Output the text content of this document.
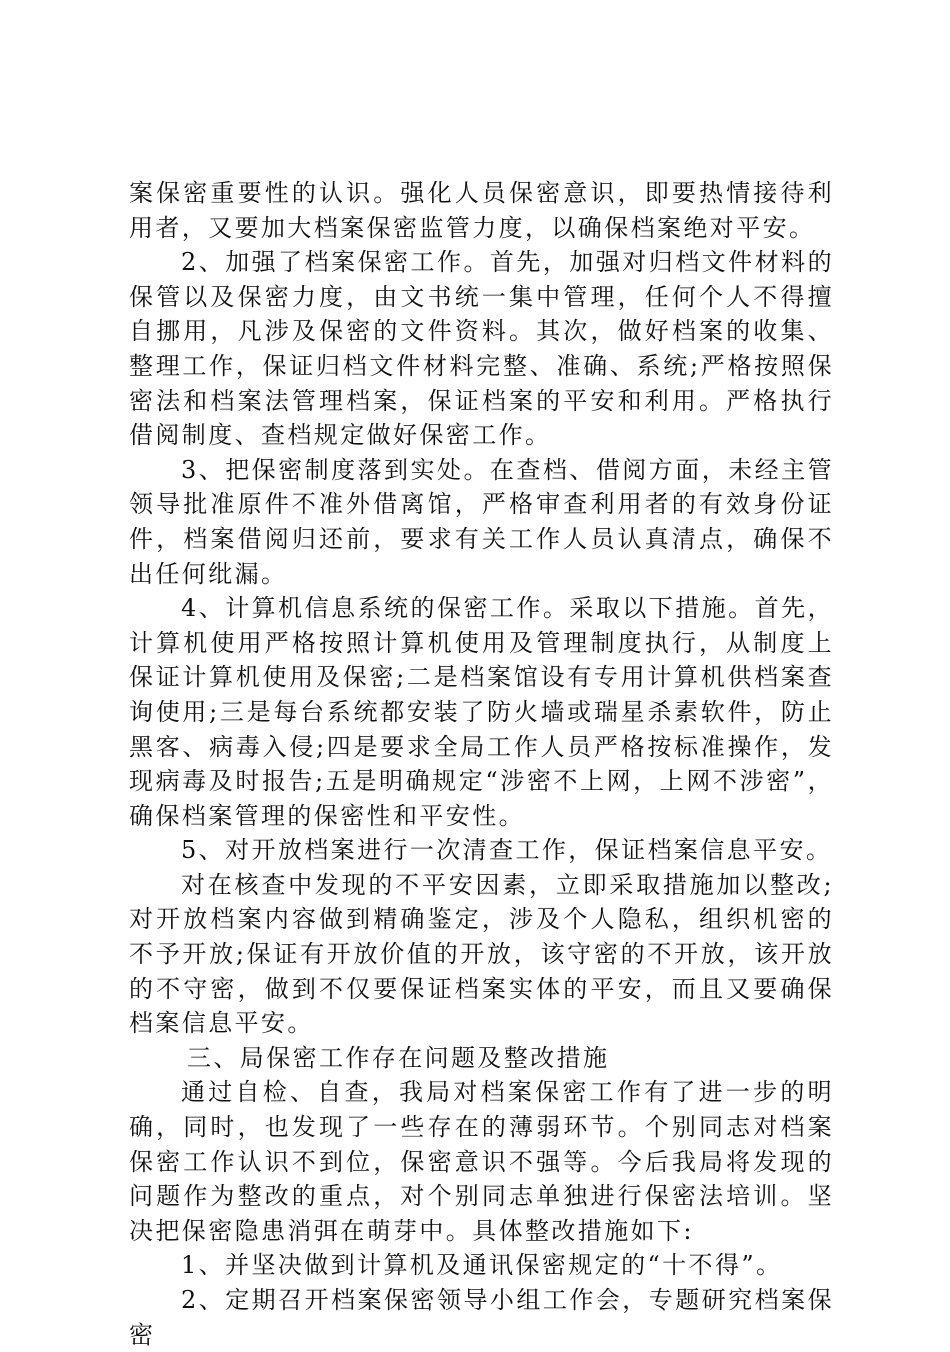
案保密重要性的认识。强化人员保密意识，即要热情接待利用者，又要加大档案保密监管力度，以确保档案绝对平安。

2、加强了档案保密工作。首先，加强对归档文件材料的保管以及保密力度，由文书统一集中管理，任何个人不得擅自挪用，凡涉及保密的文件资料。其次，做好档案的收集、整理工作，保证归档文件材料完整、准确、系统;严格按照保密法和档案法管理档案，保证档案的平安和利用。严格执行借阅制度、查档规定做好保密工作。

3、把保密制度落到实处。在查档、借阅方面，未经主管领导批准原件不准外借离馆，严格审查利用者的有效身份证件，档案借阅归还前，要求有关工作人员认真清点，确保不出任何纰漏。

4、计算机信息系统的保密工作。采取以下措施。首先，计算机使用严格按照计算机使用及管理制度执行，从制度上保证计算机使用及保密;二是档案馆设有专用计算机供档案查询使用;三是每台系统都安装了防火墙或瑞星杀素软件，防止黑客、病毒入侵;四是要求全局工作人员严格按标准操作，发现病毒及时报告;五是明确规定“涉密不上网，上网不涉密”，确保档案管理的保密性和平安性。

5、对开放档案进行一次清查工作，保证档案信息平安。

对在核查中发现的不平安因素，立即采取措施加以整改;对开放档案内容做到精确鉴定，涉及个人隐私，组织机密的不予开放;保证有开放价值的开放，该守密的不开放，该开放的不守密，做到不仅要保证档案实体的平安，而且又要确保档案信息平安。

三、局保密工作存在问题及整改措施

通过自检、自查，我局对档案保密工作有了进一步的明确，同时，也发现了一些存在的薄弱环节。个别同志对档案保密工作认识不到位，保密意识不强等。今后我局将发现的问题作为整改的重点，对个别同志单独进行保密法培训。坚决把保密隐患消弭在萌芽中。具体整改措施如下:

1、并坚决做到计算机及通讯保密规定的“十不得”。

2、定期召开档案保密领导小组工作会，专题研究档案保密
